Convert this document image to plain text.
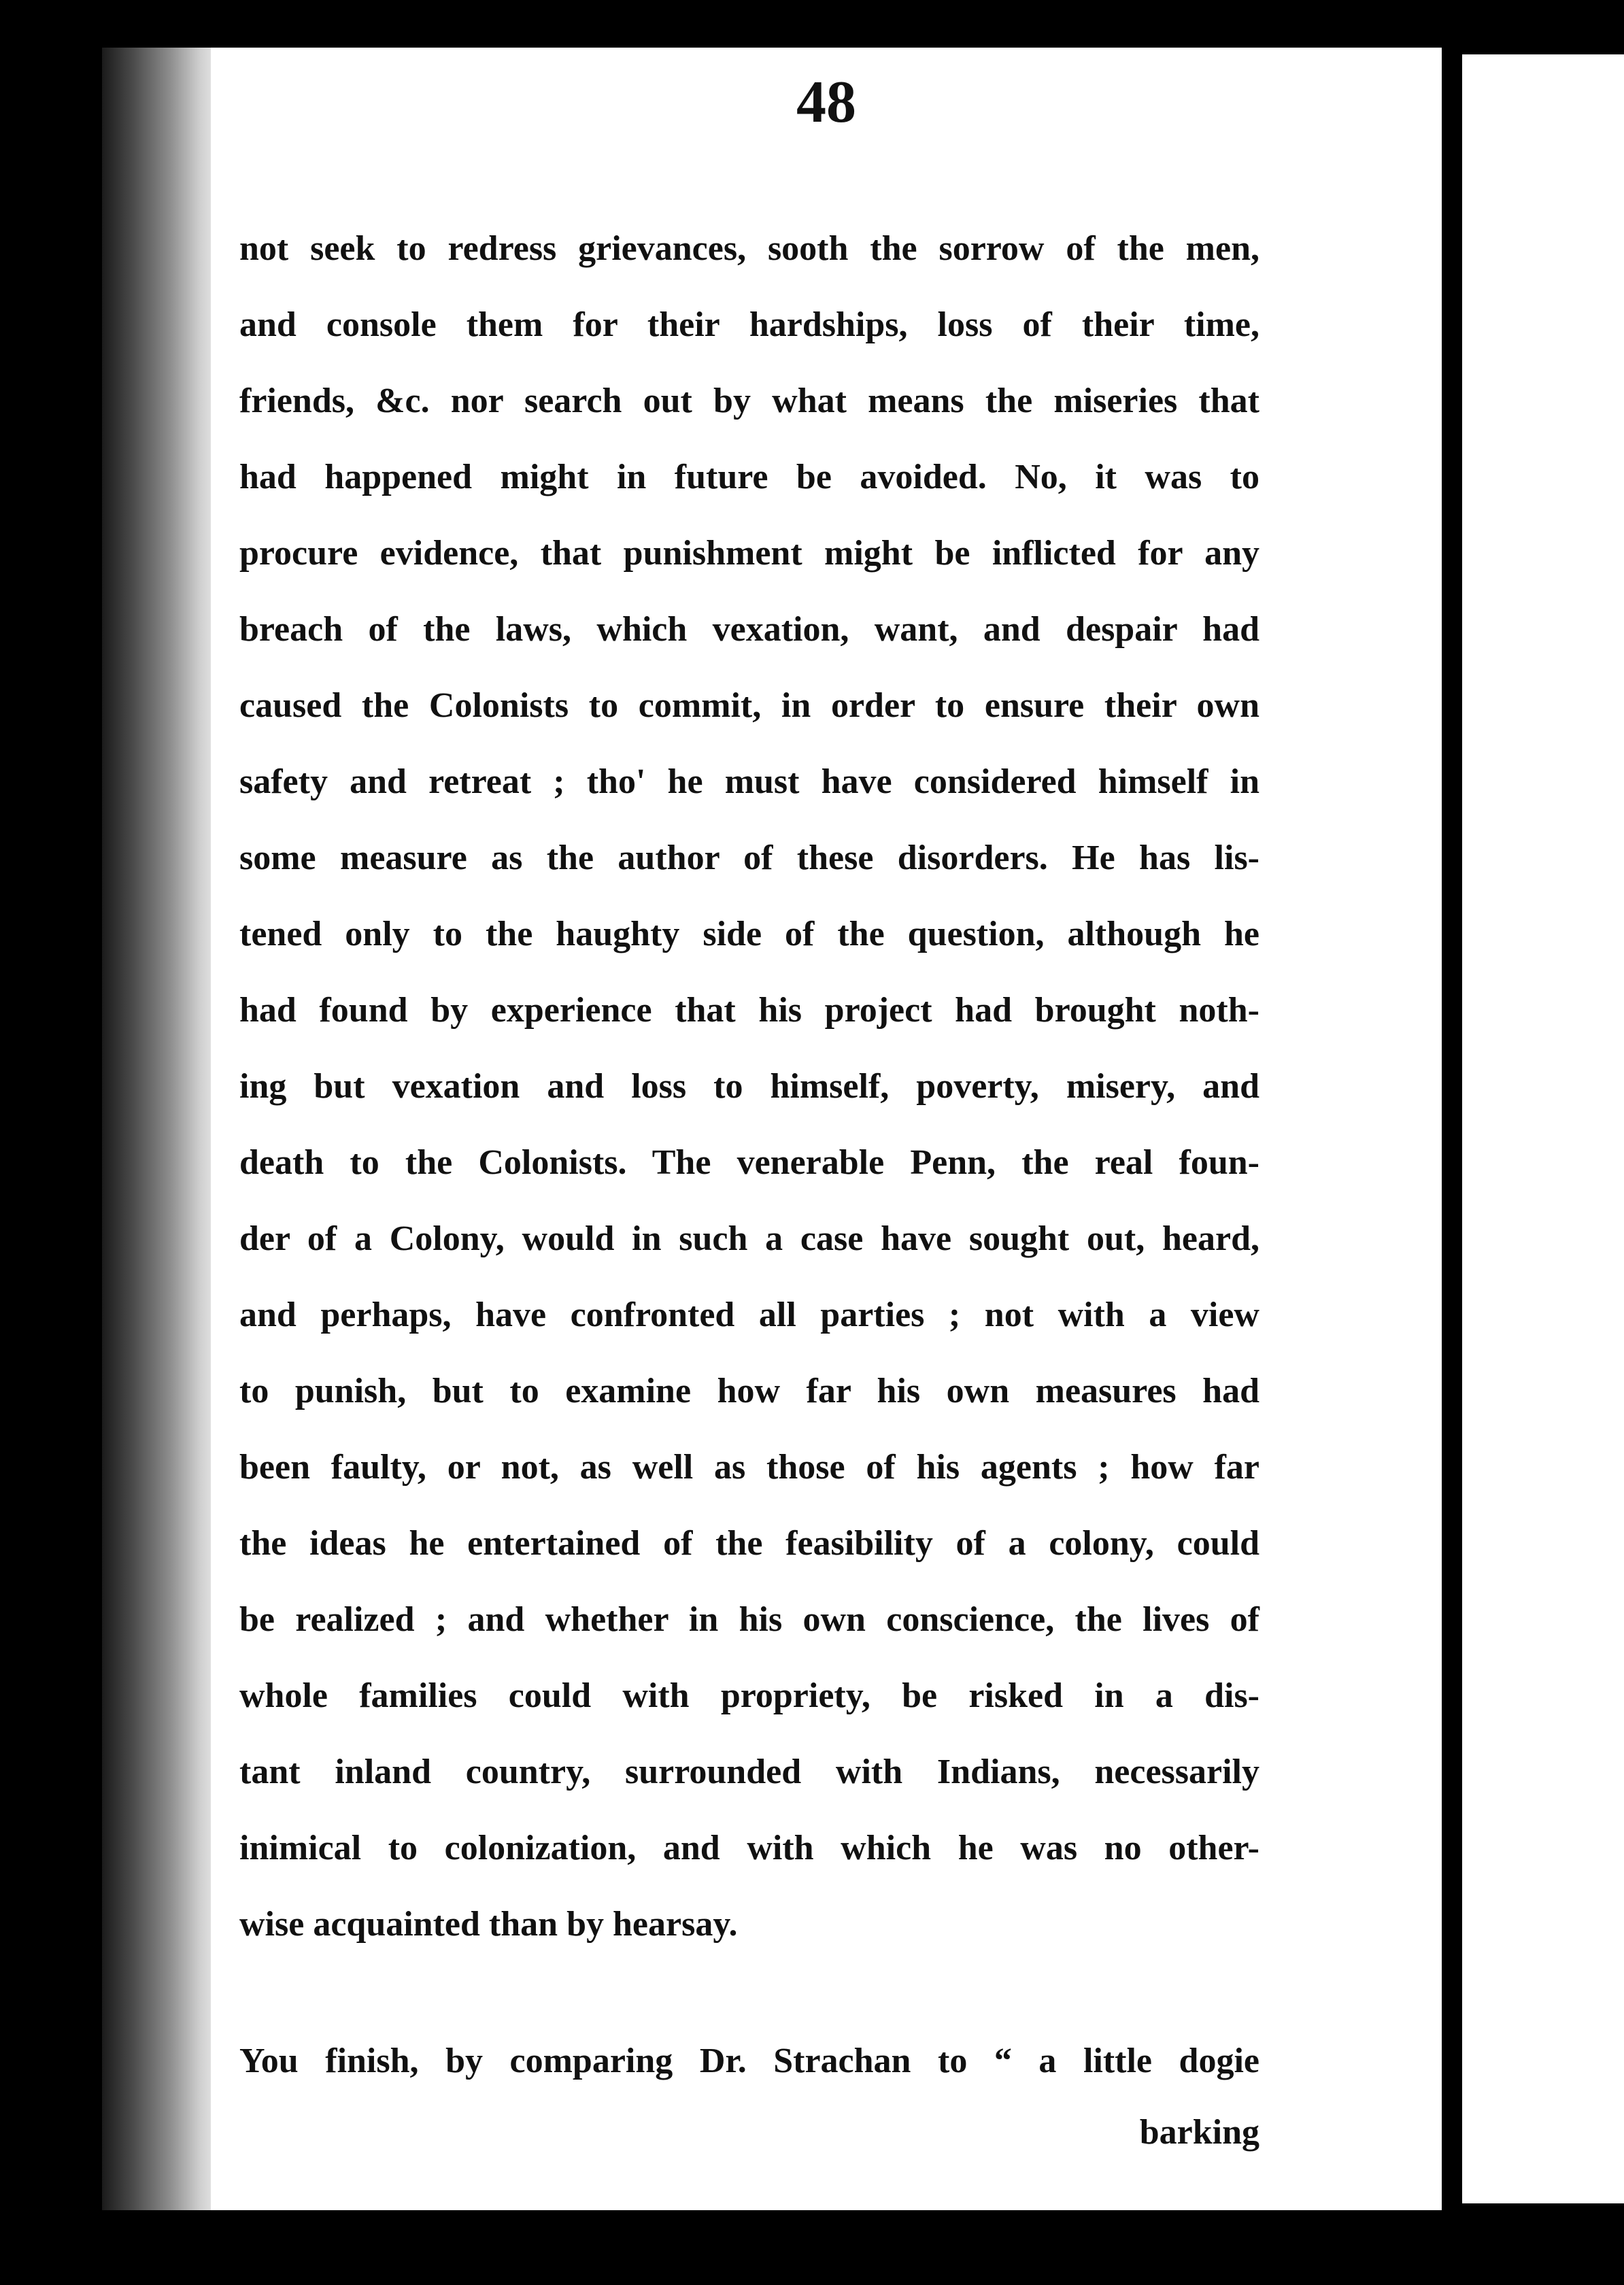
48
not seek to redress grievances, sooth the sorrow of the men,
and console them for their hardships, loss of their time,
friends, &c. nor search out by what means the miseries that
had happened might in future be avoided. No, it was to
procure evidence, that punishment might be inflicted for any
breach of the laws, which vexation, want, and despair had
caused the Colonists to commit, in order to ensure their own
safety and retreat ; tho' he must have considered himself in
some measure as the author of these disorders. He has lis-
tened only to the haughty side of the question, although he
had found by experience that his project had brought noth-
ing but vexation and loss to himself, poverty, misery, and
death to the Colonists. The venerable Penn, the real foun-
der of a Colony, would in such a case have sought out, heard,
and perhaps, have confronted all parties ; not with a view
to punish, but to examine how far his own measures had
been faulty, or not, as well as those of his agents ; how far
the ideas he entertained of the feasibility of a colony, could
be realized ; and whether in his own conscience, the lives of
whole families could with propriety, be risked in a dis-
tant inland country, surrounded with Indians, necessarily
inimical to colonization, and with which he was no other-
wise acquainted than by hearsay.
You finish, by comparing Dr. Strachan to “ a little dogie
barking
